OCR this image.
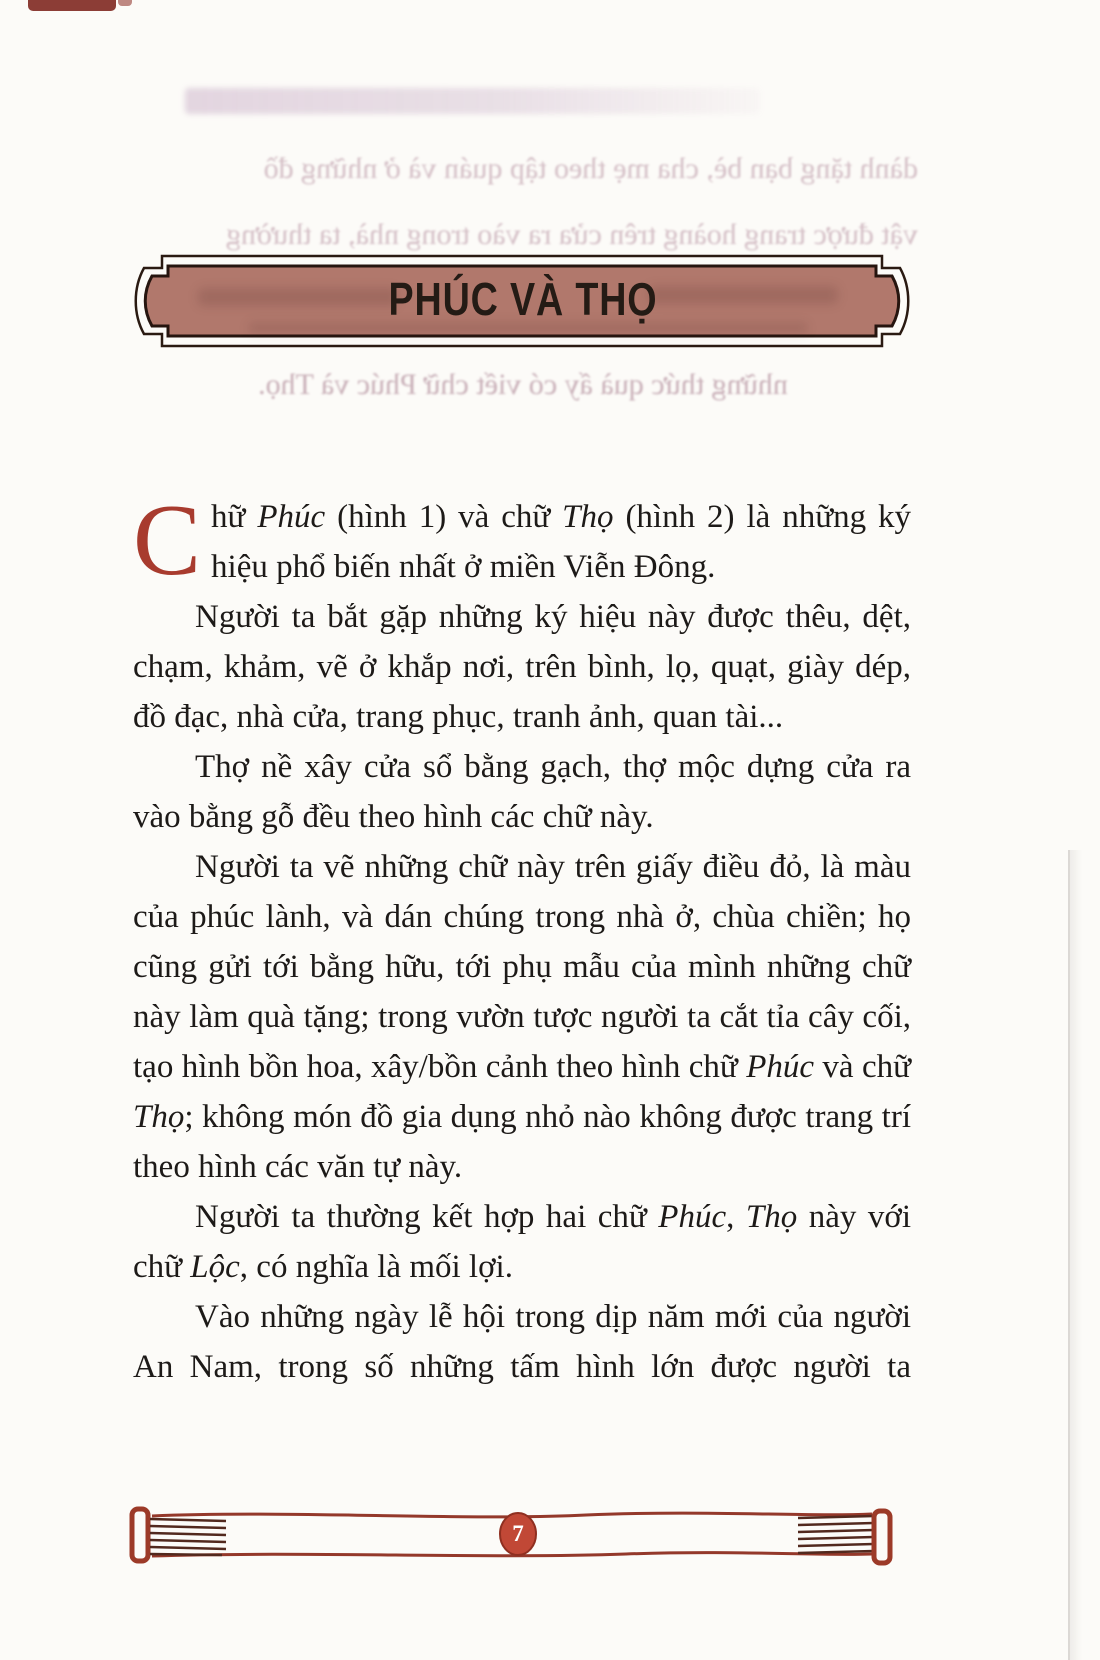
dành tặng bạn bè, cha mẹ theo tập quán và ở những đồ
vật được trang hoàng trên cửa ra vào trong nhà, ta thường
những thức quà ấy có viết chữ Phúc và Thọ.
PHÚC VÀ THỌ

Chữ Phúc (hình 1) và chữ Thọ (hình 2) là những ký hiệu phổ biến nhất ở miền Viễn Đông.

Người ta bắt gặp những ký hiệu này được thêu, dệt, chạm, khảm, vẽ ở khắp nơi, trên bình, lọ, quạt, giày dép, đồ đạc, nhà cửa, trang phục, tranh ảnh, quan tài...

Thợ nề xây cửa sổ bằng gạch, thợ mộc dựng cửa ra vào bằng gỗ đều theo hình các chữ này.

Người ta vẽ những chữ này trên giấy điều đỏ, là màu của phúc lành, và dán chúng trong nhà ở, chùa chiền; họ cũng gửi tới bằng hữu, tới phụ mẫu của mình những chữ này làm quà tặng; trong vườn tược người ta cắt tỉa cây cối, tạo hình bồn hoa, xây/bồn cảnh theo hình chữ Phúc và chữ Thọ; không món đồ gia dụng nhỏ nào không được trang trí theo hình các văn tự này.

Người ta thường kết hợp hai chữ Phúc, Thọ này với chữ Lộc, có nghĩa là mối lợi.

Vào những ngày lễ hội trong dịp năm mới của người An Nam, trong số những tấm hình lớn được người ta

7
